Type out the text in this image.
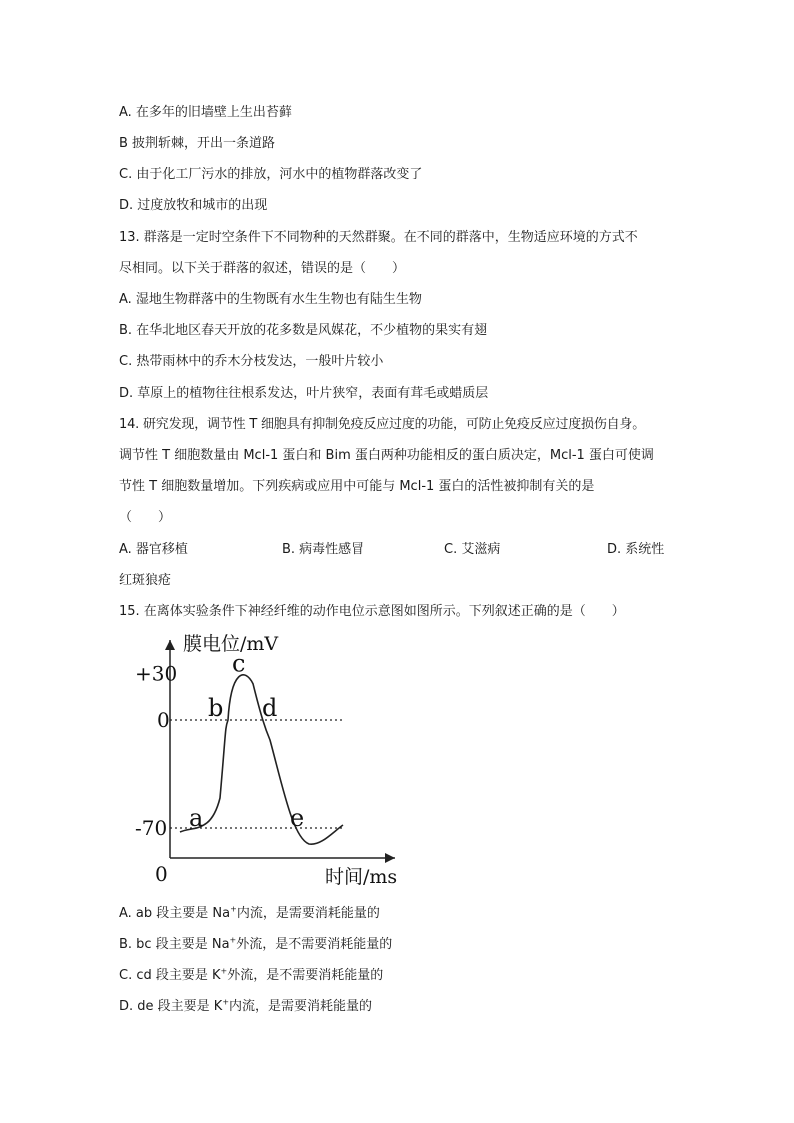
A. 在多年的旧墙壁上生出苔藓
B 披荆斩棘，开出一条道路
C. 由于化工厂污水的排放，河水中的植物群落改变了
D. 过度放牧和城市的出现
13. 群落是一定时空条件下不同物种的天然群聚。在不同的群落中，生物适应环境的方式不
尽相同。以下关于群落的叙述，错误的是（　　）
A. 湿地生物群落中的生物既有水生生物也有陆生生物
B. 在华北地区春天开放的花多数是风媒花，不少植物的果实有翅
C. 热带雨林中的乔木分枝发达，一般叶片较小
D. 草原上的植物往往根系发达，叶片狭窄，表面有茸毛或蜡质层
14. 研究发现，调节性 T 细胞具有抑制免疫反应过度的功能，可防止免疫反应过度损伤自身。
调节性 T 细胞数量由 Mcl-1 蛋白和 Bim 蛋白两种功能相反的蛋白质决定，Mcl-1 蛋白可使调
节性 T 细胞数量增加。下列疾病或应用中可能与 Mcl-1 蛋白的活性被抑制有关的是
（　　）
A. 器官移植	B. 病毒性感冒	C. 艾滋病	D. 系统性
红斑狼疮
15. 在离体实验条件下神经纤维的动作电位示意图如图所示。下列叙述正确的是（　　）
膜电位/mV
时间/ms
0
+30
0
-70 a
b
c
d
e
A. ab 段主要是 Na+内流，是需要消耗能量的
B. bc 段主要是 Na+外流，是不需要消耗能量的
C. cd 段主要是 K+外流，是不需要消耗能量的
D. de 段主要是 K+内流，是需要消耗能量的
